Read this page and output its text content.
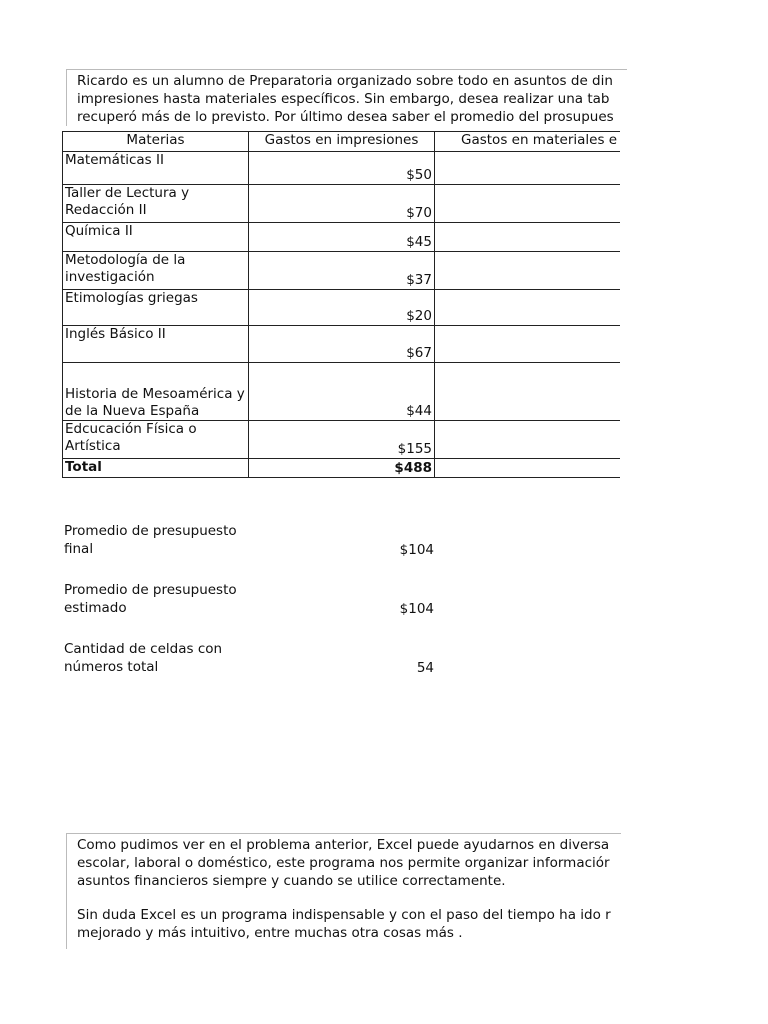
Ricardo es un alumno de Preparatoria organizado sobre todo en asuntos de din

impresiones hasta materiales específicos. Sin embargo, desea realizar una tab

recuperó más de lo previsto. Por último desea saber el promedio del prosupues

Materias	Gastos en impresiones	Gastos en materiales e
Matemáticas II	$50	
Taller de Lectura y Redacción II	$70	
Química II	$45	
Metodología de la investigación	$37	
Etimologías griegas	$20	
Inglés Básico II	$67	
Historia de Mesoamérica y de la Nueva España	$44	
Edcucación Física o Artística	$155	
Total	$488	
Promedio de presupuesto final	$104
Promedio de presupuesto estimado	$104
Cantidad de celdas con números total	54

Como pudimos ver en el problema anterior, Excel puede ayudarnos en diversa

escolar, laboral o doméstico, este programa nos permite organizar informaciór

asuntos financieros siempre y cuando se utilice correctamente.

Sin duda Excel es un programa indispensable y con el paso del tiempo ha ido r

mejorado y más intuitivo, entre muchas otra cosas más .
